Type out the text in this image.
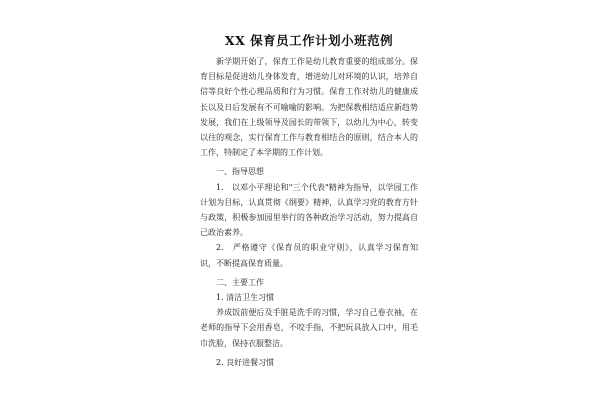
XX 保育员工作计划小班范例

新学期开始了，保育工作是幼儿教育重要的组成部分。保育目标是促进幼儿身体发育，增进幼儿对环境的认识，培养自信等良好个性心理品质和行为习惯。保育工作对幼儿的健康成长以及日后发展有不可喻喻的影响。为把保教相结适应新趋势发展，我们在上级领导及园长的带领下，以幼儿为中心，转变以往的观念，实行保育工作与教育相结合的原则，结合本人的工作，特制定了本学期的工作计划。

一、指导思想

1.　以邓小平理论和"三个代表"精神为指导，以学园工作计划为目标，认真贯彻《纲要》精神，认真学习党的教育方针与政策，积极参加园里举行的各种政治学习活动，努力提高自己政治素养。

2.　严格遵守《保育员的职业守则》，认真学习保育知识，不断提高保育质量。

二、主要工作

1. 清洁卫生习惯

养成饭前便后及手脏是洗手的习惯，学习自己卷衣袖，在老师的指导下会用香皂，不咬手指，不把玩具放入口中，用毛巾洗脸，保持衣服整洁。

2. 良好进餐习惯
